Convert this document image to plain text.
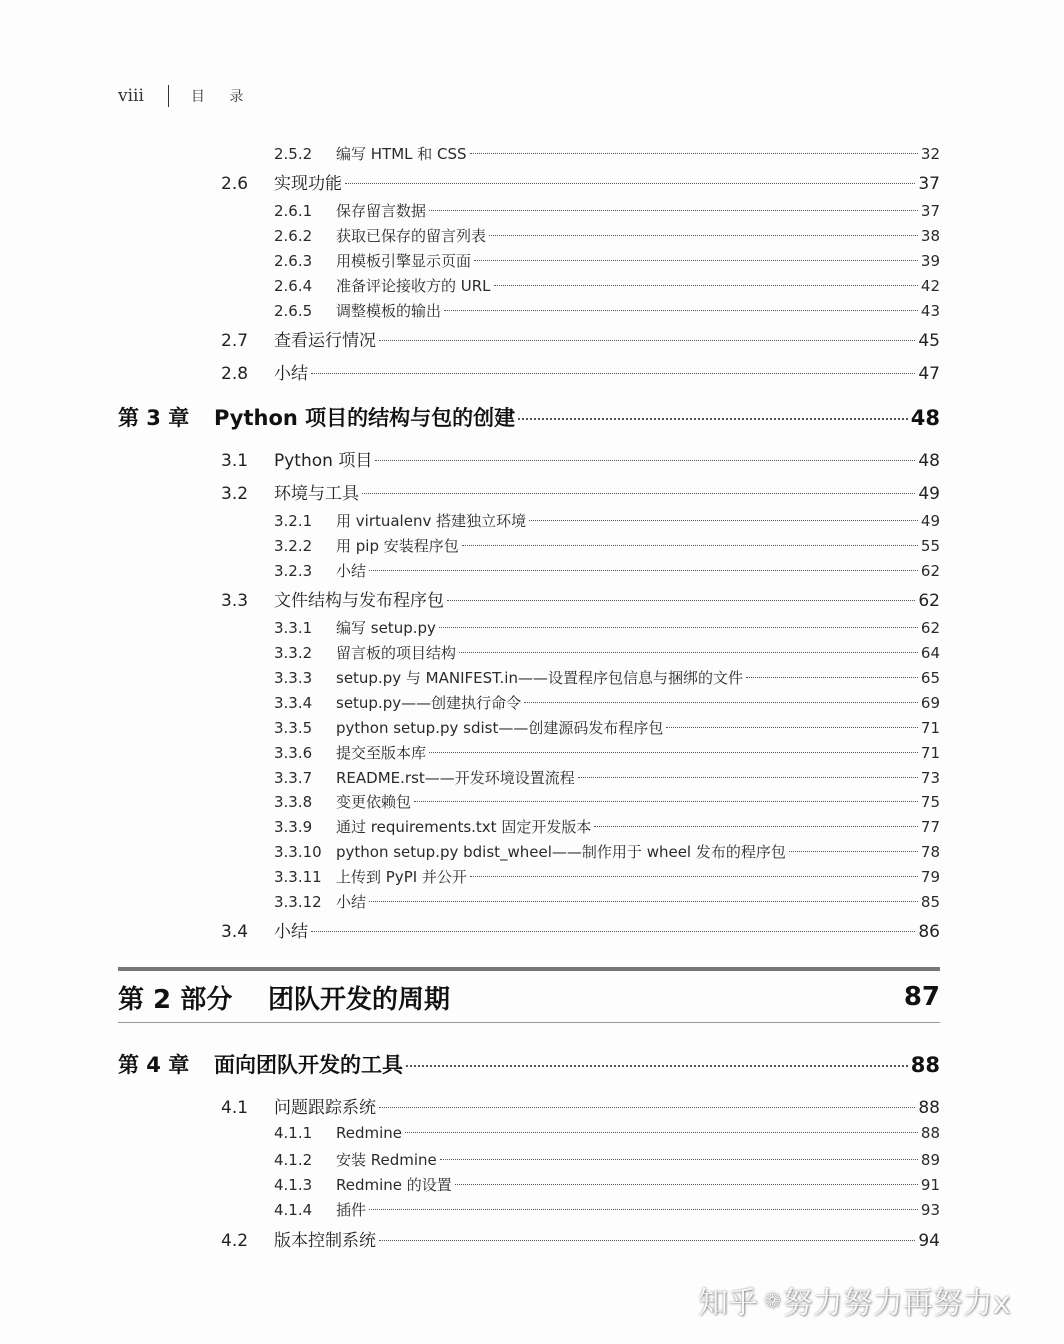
viii	目 录
2.5.2	编写 HTML 和 CSS	32
2.6	实现功能	37
2.6.1	保存留言数据	37
2.6.2	获取已保存的留言列表	38
2.6.3	用模板引擎显示页面	39
2.6.4	准备评论接收方的 URL	42
2.6.5	调整模板的输出	43
2.7	查看运行情况	45
2.8	小结	47
第 3 章	Python 项目的结构与包的创建	48
3.1	Python 项目	48
3.2	环境与工具	49
3.2.1	用 virtualenv 搭建独立环境	49
3.2.2	用 pip 安装程序包	55
3.2.3	小结	62
3.3	文件结构与发布程序包	62
3.3.1	编写 setup.py	62
3.3.2	留言板的项目结构	64
3.3.3	setup.py 与 MANIFEST.in——设置程序包信息与捆绑的文件	65
3.3.4	setup.py——创建执行命令	69
3.3.5	python setup.py sdist——创建源码发布程序包	71
3.3.6	提交至版本库	71
3.3.7	README.rst——开发环境设置流程	73
3.3.8	变更依赖包	75
3.3.9	通过 requirements.txt 固定开发版本	77
3.3.10 python setup.py bdist_wheel——制作用于 wheel 发布的程序包	78
3.3.11 上传到 PyPI 并公开	79
3.3.12 小结	85
3.4	小结	86
第 2 部分	团队开发的周期	87
第 4 章	面向团队开发的工具	88
4.1	问题跟踪系统	88
4.1.1	Redmine	88
4.1.2	安装 Redmine	89
4.1.3	Redmine 的设置	91
4.1.4	插件	93
4.2	版本控制系统	94
知乎 ❁ 努力努力再努力x
